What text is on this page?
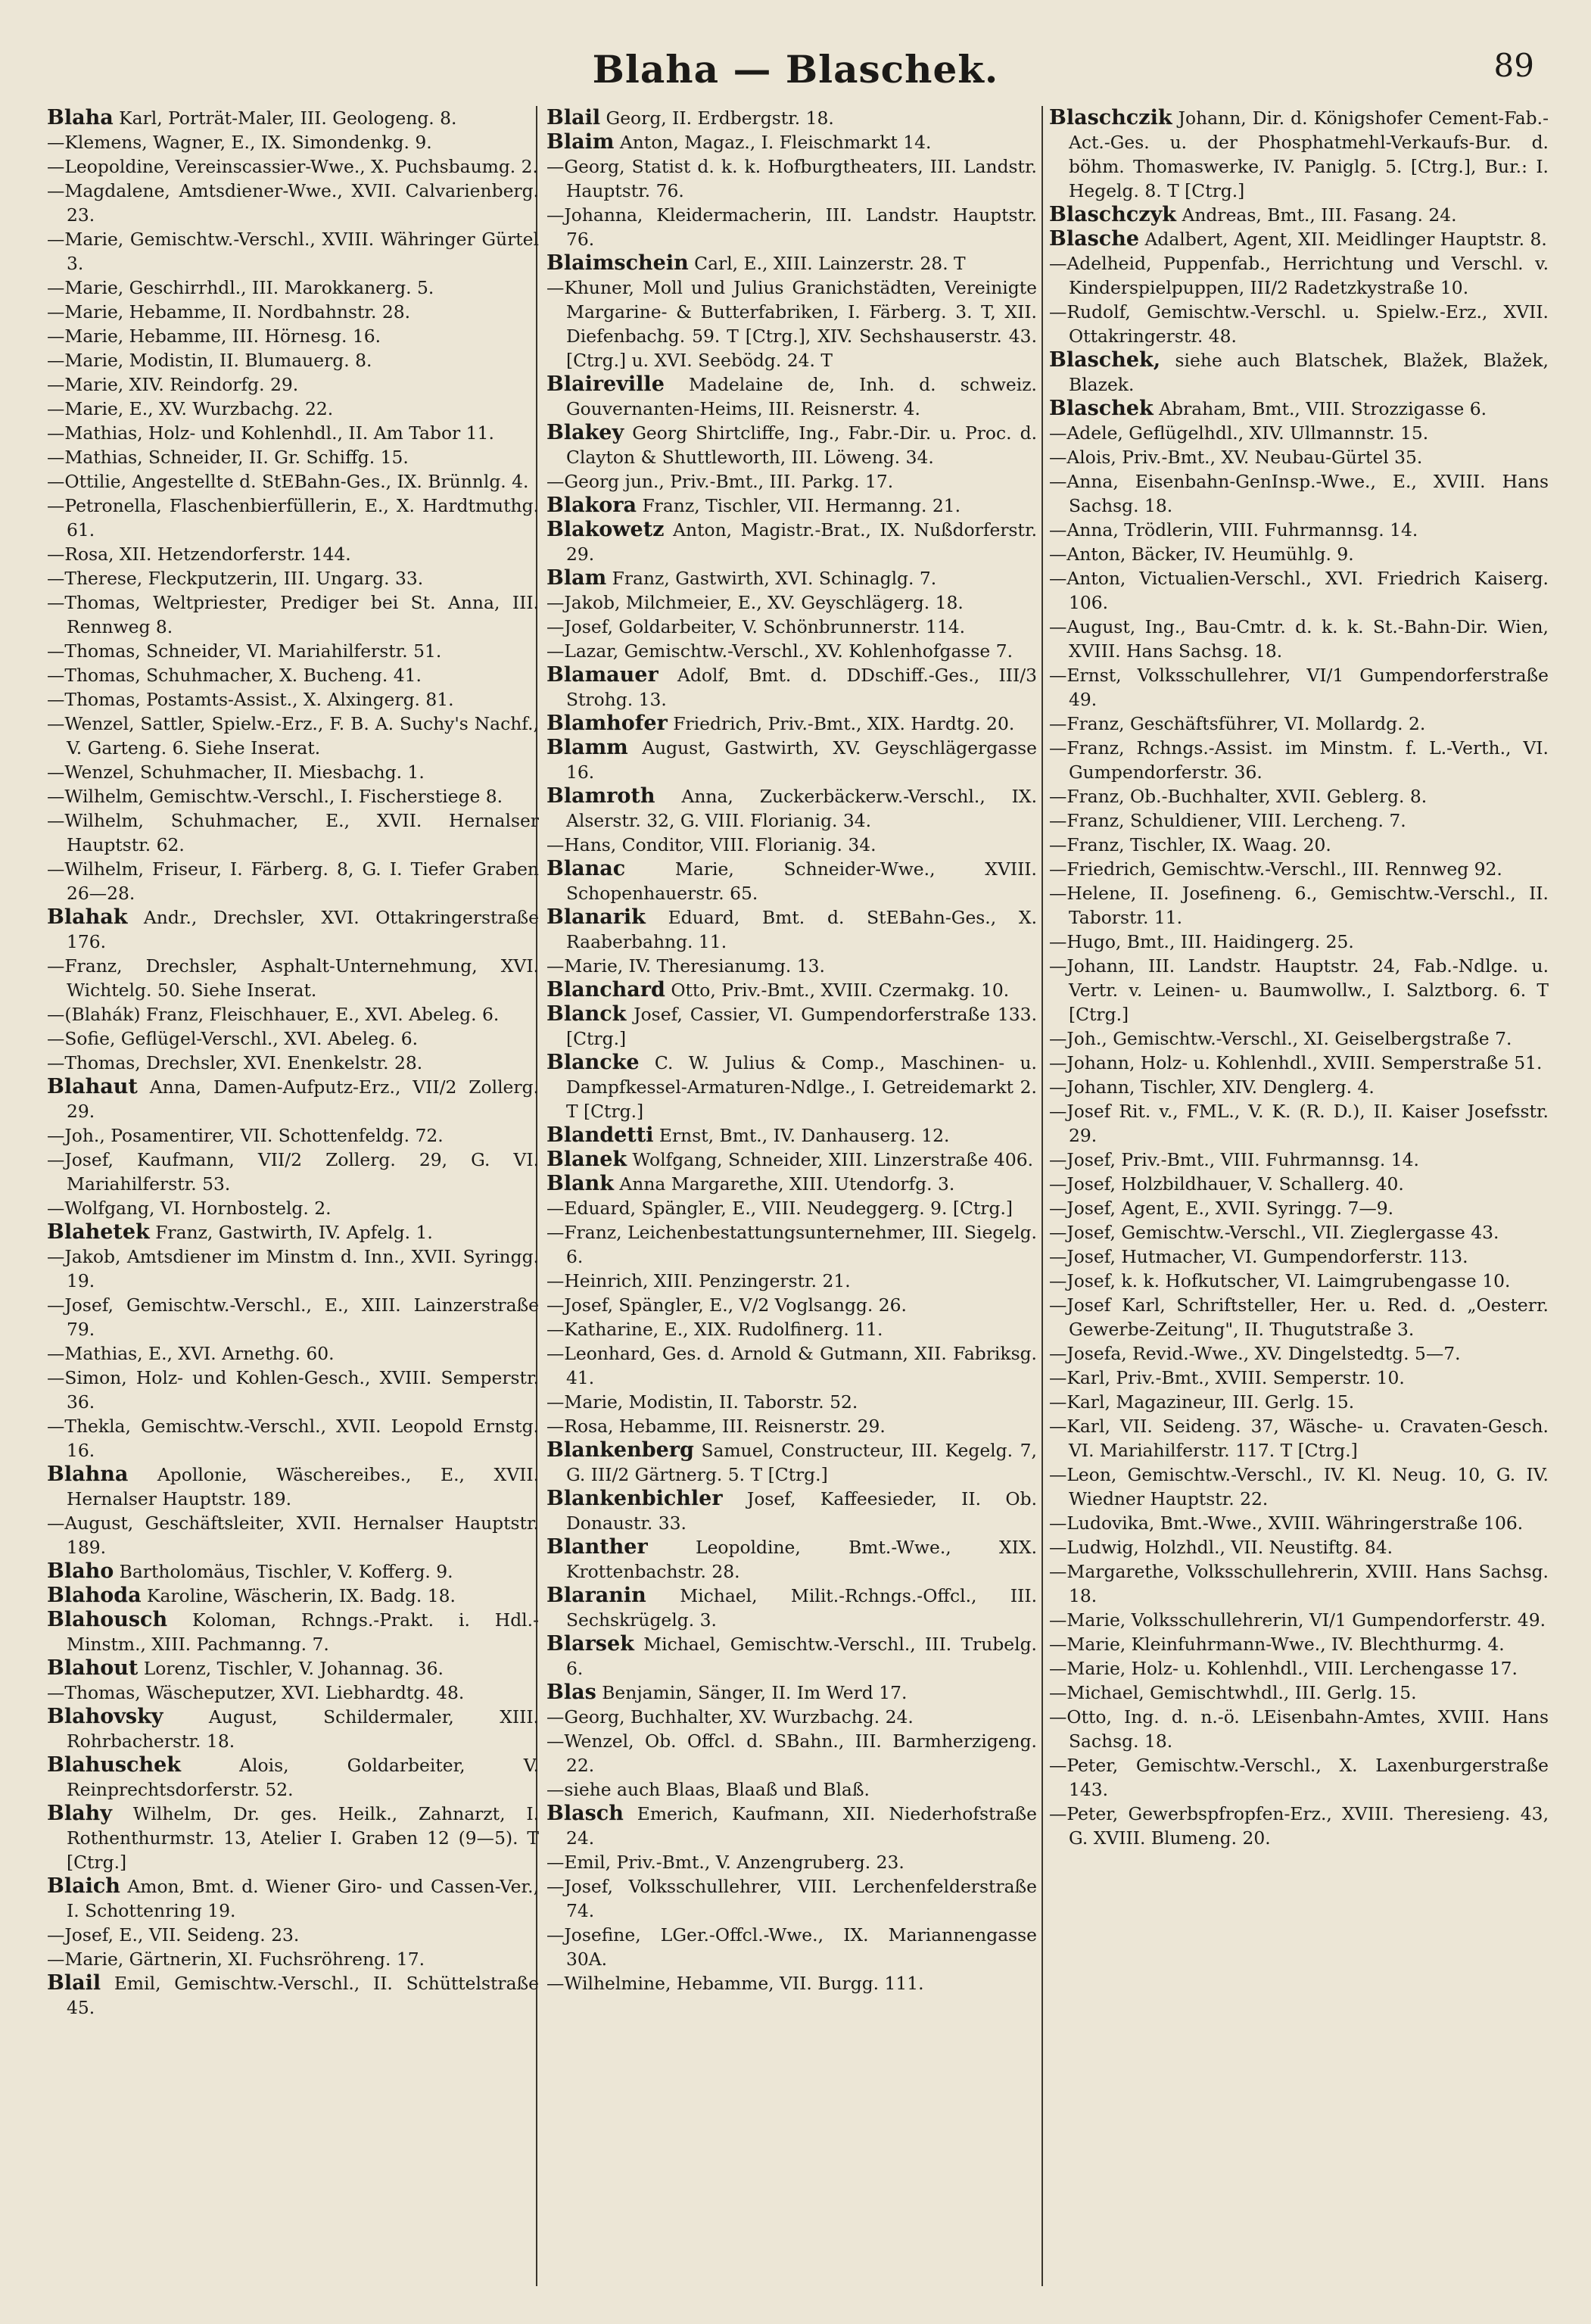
Blaha — Blaschek.	89

Blaha Karl, Porträt-Maler, III. Geologeng. 8.

— Klemens, Wagner, E., IX. Simondenkg. 9.

— Leopoldine, Vereinscassier-Wwe., X. Puchsbaumg. 2.

— Magdalene, Amtsdiener-Wwe., XVII. Calvarienberg. 23.

— Marie, Gemischtw.-Verschl., XVIII. Währinger Gürtel 3.

— Marie, Geschirrhdl., III. Marokkanerg. 5.

— Marie, Hebamme, II. Nordbahnstr. 28.

— Marie, Hebamme, III. Hörnesg. 16.

— Marie, Modistin, II. Blumauerg. 8.

— Marie, XIV. Reindorfg. 29.

— Marie, E., XV. Wurzbachg. 22.

— Mathias, Holz- und Kohlenhdl., II. Am Tabor 11.

— Mathias, Schneider, II. Gr. Schiffg. 15.

— Ottilie, Angestellte d. StEBahn-Ges., IX. Brünnlg. 4.

— Petronella, Flaschenbierfüllerin, E., X. Hardtmuthg. 61.

— Rosa, XII. Hetzendorferstr. 144.

— Therese, Fleckputzerin, III. Ungarg. 33.

— Thomas, Weltpriester, Prediger bei St. Anna, III. Rennweg 8.

— Thomas, Schneider, VI. Mariahilferstr. 51.

— Thomas, Schuhmacher, X. Bucheng. 41.

— Thomas, Postamts-Assist., X. Alxingerg. 81.

— Wenzel, Sattler, Spielw.-Erz., F. B. A. Suchy's Nachf., V. Garteng. 6. Siehe Inserat.

— Wenzel, Schuhmacher, II. Miesbachg. 1.

— Wilhelm, Gemischtw.-Verschl., I. Fischerstiege 8.

— Wilhelm, Schuhmacher, E., XVII. Hernalser Hauptstr. 62.

— Wilhelm, Friseur, I. Färberg. 8, G. I. Tiefer Graben 26—28.

Blahak Andr., Drechsler, XVI. Ottakringerstraße 176.

— Franz, Drechsler, Asphalt-Unternehmung, XVI. Wichtelg. 50. Siehe Inserat.

— (Blahák) Franz, Fleischhauer, E., XVI. Abeleg. 6.

— Sofie, Geflügel-Verschl., XVI. Abeleg. 6.

— Thomas, Drechsler, XVI. Enenkelstr. 28.

Blahaut Anna, Damen-Aufputz-Erz., VII/2 Zollerg. 29.

— Joh., Posamentirer, VII. Schottenfeldg. 72.

— Josef, Kaufmann, VII/2 Zollerg. 29, G. VI. Mariahilferstr. 53.

— Wolfgang, VI. Hornbostelg. 2.

Blahetek Franz, Gastwirth, IV. Apfelg. 1.

— Jakob, Amtsdiener im Minstm d. Inn., XVII. Syringg. 19.

— Josef, Gemischtw.-Verschl., E., XIII. Lainzerstraße 79.

— Mathias, E., XVI. Arnethg. 60.

— Simon, Holz- und Kohlen-Gesch., XVIII. Semperstr. 36.

— Thekla, Gemischtw.-Verschl., XVII. Leopold Ernstg. 16.

Blahna Apollonie, Wäschereibes., E., XVII. Hernalser Hauptstr. 189.

— August, Geschäftsleiter, XVII. Hernalser Hauptstr. 189.

Blaho Bartholomäus, Tischler, V. Kofferg. 9.

Blahoda Karoline, Wäscherin, IX. Badg. 18.

Blahousch Koloman, Rchngs.-Prakt. i. Hdl.-Minstm., XIII. Pachmanng. 7.

Blahout Lorenz, Tischler, V. Johannag. 36.

— Thomas, Wäscheputzer, XVI. Liebhardtg. 48.

Blahovsky	August, Schildermaler, XIII. Rohrbacherstr. 18.

Blahuschek	Alois, Goldarbeiter, V. Reinprechtsdorferstr. 52.

Blahy Wilhelm, Dr. ges. Heilk., Zahnarzt, I. Rothenthurmstr. 13, Atelier I. Graben 12 (9—5). T [Ctrg.]

Blaich Amon, Bmt. d. Wiener Giro- und Cassen-Ver., I. Schottenring 19.

— Josef, E., VII. Seideng. 23.

— Marie, Gärtnerin, XI. Fuchsröhreng. 17.

Blail Emil, Gemischtw.-Verschl., II. Schüttelstraße 45.

Blail Georg, II. Erdbergstr. 18.

Blaim Anton, Magaz., I. Fleischmarkt 14.

— Georg, Statist d. k. k. Hofburgtheaters, III. Landstr. Hauptstr. 76.

— Johanna, Kleidermacherin, III. Landstr. Hauptstr. 76.

Blaimschein Carl, E., XIII. Lainzerstr. 28. T

— Khuner, Moll und Julius Granichstädten, Vereinigte Margarine- & Butterfabriken, I. Färberg. 3. T, XII. Diefenbachg. 59. T [Ctrg.], XIV. Sechshauserstr. 43. [Ctrg.] u. XVI. Seebödg. 24. T

Blaireville Madelaine de, Inh. d. schweiz. Gouvernanten-Heims, III. Reisnerstr. 4.

Blakey Georg Shirtcliffe, Ing., Fabr.-Dir. u. Proc. d. Clayton & Shuttleworth, III. Löweng. 34.

— Georg jun., Priv.-Bmt., III. Parkg. 17.

Blakora Franz, Tischler, VII. Hermanng. 21.

Blakowetz Anton, Magistr.-Brat., IX. Nußdorferstr. 29.

Blam Franz, Gastwirth, XVI. Schinaglg. 7.

— Jakob, Milchmeier, E., XV. Geyschlägerg. 18.

— Josef, Goldarbeiter, V. Schönbrunnerstr. 114.

— Lazar, Gemischtw.-Verschl., XV. Kohlenhofgasse 7.

Blamauer Adolf, Bmt. d. DDschiff.-Ges., III/3 Strohg. 13.

Blamhofer Friedrich, Priv.-Bmt., XIX. Hardtg. 20.

Blamm August, Gastwirth, XV. Geyschlägergasse 16.

Blamroth Anna, Zuckerbäckerw.-Verschl., IX. Alserstr. 32, G. VIII. Florianig. 34.

— Hans, Conditor, VIII. Florianig. 34.

Blanac	Marie, Schneider-Wwe., XVIII. Schopenhauerstr. 65.

Blanarik Eduard, Bmt. d. StEBahn-Ges., X. Raaberbahng. 11.

— Marie, IV. Theresianumg. 13.

Blanchard Otto, Priv.-Bmt., XVIII. Czermakg. 10.

Blanck Josef, Cassier, VI. Gumpendorferstraße 133. [Ctrg.]

Blancke C. W. Julius & Comp., Maschinen- u. Dampfkessel-Armaturen-Ndlge., I. Getreidemarkt 2. T [Ctrg.]

Blandetti Ernst, Bmt., IV. Danhauserg. 12.

Blanek Wolfgang, Schneider, XIII. Linzerstraße 406.

Blank Anna Margarethe, XIII. Utendorfg. 3.

— Eduard, Spängler, E., VIII. Neudeggerg. 9. [Ctrg.]

— Franz, Leichenbestattungsunternehmer, III. Siegelg. 6.

— Heinrich, XIII. Penzingerstr. 21.

— Josef, Spängler, E., V/2 Voglsangg. 26.

— Katharine, E., XIX. Rudolfinerg. 11.

— Leonhard, Ges. d. Arnold & Gutmann, XII. Fabriksg. 41.

— Marie, Modistin, II. Taborstr. 52.

— Rosa, Hebamme, III. Reisnerstr. 29.

Blankenberg Samuel, Constructeur, III. Kegelg. 7, G. III/2 Gärtnerg. 5. T [Ctrg.]

Blankenbichler Josef, Kaffeesieder, II. Ob. Donaustr. 33.

Blanther	Leopoldine, Bmt.-Wwe., XIX. Krottenbachstr. 28.

Blaranin Michael, Milit.-Rchngs.-Offcl., III. Sechskrügelg. 3.

Blarsek Michael, Gemischtw.-Verschl., III. Trubelg. 6.

Blas Benjamin, Sänger, II. Im Werd 17.

— Georg, Buchhalter, XV. Wurzbachg. 24.

— Wenzel, Ob. Offcl. d. SBahn., III. Barmherzigeng. 22.

— siehe auch Blaas, Blaaß und Blaß.

Blasch Emerich, Kaufmann, XII. Niederhofstraße 24.

— Emil, Priv.-Bmt., V. Anzengruberg. 23.

— Josef, Volksschullehrer, VIII. Lerchenfelderstraße 74.

— Josefine, LGer.-Offcl.-Wwe., IX. Mariannengasse 30A.

— Wilhelmine, Hebamme, VII. Burgg. 111.

Blaschczik Johann, Dir. d. Königshofer Cement-Fab.-Act.-Ges. u. der Phosphatmehl-Verkaufs-Bur. d. böhm. Thomaswerke, IV. Paniglg. 5. [Ctrg.], Bur.: I. Hegelg. 8. T [Ctrg.]

Blaschczyk Andreas, Bmt., III. Fasang. 24.

Blasche Adalbert, Agent, XII. Meidlinger Hauptstr. 8.

— Adelheid, Puppenfab., Herrichtung und Verschl. v. Kinderspielpuppen, III/2 Radetzkystraße 10.

— Rudolf, Gemischtw.-Verschl. u. Spielw.-Erz., XVII. Ottakringerstr. 48.

Blaschek, siehe auch Blatschek, Blažek, Blažek, Blazek.

Blaschek Abraham, Bmt., VIII. Strozzigasse 6.

— Adele, Geflügelhdl., XIV. Ullmannstr. 15.

— Alois, Priv.-Bmt., XV. Neubau-Gürtel 35.

— Anna, Eisenbahn-GenInsp.-Wwe., E., XVIII. Hans Sachsg. 18.

— Anna, Trödlerin, VIII. Fuhrmannsg. 14.

— Anton, Bäcker, IV. Heumühlg. 9.

— Anton, Victualien-Verschl., XVI. Friedrich Kaiserg. 106.

— August, Ing., Bau-Cmtr. d. k. k. St.-Bahn-Dir. Wien, XVIII. Hans Sachsg. 18.

— Ernst, Volksschullehrer, VI/1 Gumpendorferstraße 49.

— Franz, Geschäftsführer, VI. Mollardg. 2.

— Franz, Rchngs.-Assist. im Minstm. f. L.-Verth., VI. Gumpendorferstr. 36.

— Franz, Ob.-Buchhalter, XVII. Geblerg. 8.

— Franz, Schuldiener, VIII. Lercheng. 7.

— Franz, Tischler, IX. Waag. 20.

— Friedrich, Gemischtw.-Verschl., III. Rennweg 92.

— Helene, II. Josefineng. 6., Gemischtw.-Verschl., II. Taborstr. 11.

— Hugo, Bmt., III. Haidingerg. 25.

— Johann, III. Landstr. Hauptstr. 24, Fab.-Ndlge. u. Vertr. v. Leinen- u. Baumwollw., I. Salztborg. 6. T [Ctrg.]

— Joh., Gemischtw.-Verschl., XI. Geiselbergstraße 7.

— Johann, Holz- u. Kohlenhdl., XVIII. Semperstraße 51.

— Johann, Tischler, XIV. Denglerg. 4.

— Josef Rit. v., FML., V. K. (R. D.), II. Kaiser Josefsstr. 29.

— Josef, Priv.-Bmt., VIII. Fuhrmannsg. 14.

— Josef, Holzbildhauer, V. Schallerg. 40.

— Josef, Agent, E., XVII. Syringg. 7—9.

— Josef, Gemischtw.-Verschl., VII. Zieglergasse 43.

— Josef, Hutmacher, VI. Gumpendorferstr. 113.

— Josef, k. k. Hofkutscher, VI. Laimgrubengasse 10.

— Josef Karl, Schriftsteller, Her. u. Red. d. „Oesterr. Gewerbe-Zeitung", II. Thugutstraße 3.

— Josefa, Revid.-Wwe., XV. Dingelstedtg. 5—7.

— Karl, Priv.-Bmt., XVIII. Semperstr. 10.

— Karl, Magazineur, III. Gerlg. 15.

— Karl, VII. Seideng. 37, Wäsche- u. Cravaten-Gesch. VI. Mariahilferstr. 117. T [Ctrg.]

— Leon, Gemischtw.-Verschl., IV. Kl. Neug. 10, G. IV. Wiedner Hauptstr. 22.

— Ludovika, Bmt.-Wwe., XVIII. Währingerstraße 106.

— Ludwig, Holzhdl., VII. Neustiftg. 84.

— Margarethe, Volksschullehrerin, XVIII. Hans Sachsg. 18.

— Marie, Volksschullehrerin, VI/1 Gumpendorferstr. 49.

— Marie, Kleinfuhrmann-Wwe., IV. Blechthurmg. 4.

— Marie, Holz- u. Kohlenhdl., VIII. Lerchengasse 17.

— Michael, Gemischtwhdl., III. Gerlg. 15.

— Otto, Ing. d. n.-ö. LEisenbahn-Amtes, XVIII. Hans Sachsg. 18.

— Peter, Gemischtw.-Verschl., X. Laxenburgerstraße 143.

— Peter, Gewerbspfropfen-Erz., XVIII. Theresieng. 43, G. XVIII. Blumeng. 20.
